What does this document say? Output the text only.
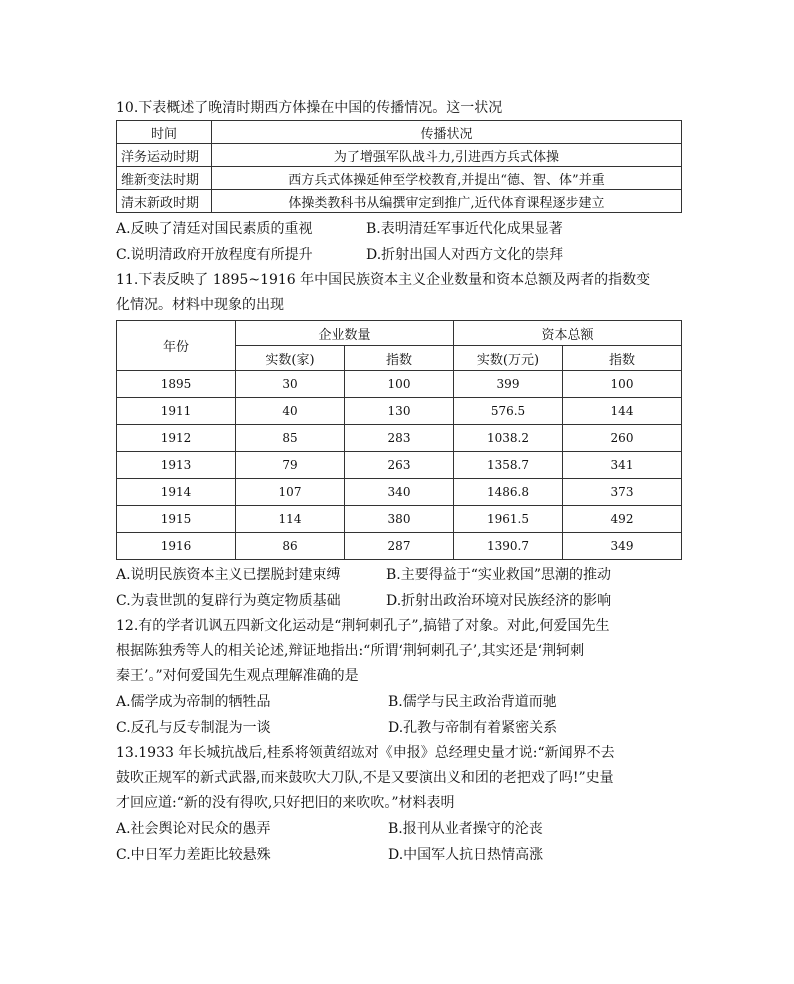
10.下表概述了晚清时期西方体操在中国的传播情况。这一状况

时间	传播状况
洋务运动时期	为了增强军队战斗力,引进西方兵式体操
维新变法时期	西方兵式体操延伸至学校教育,并提出“德、智、体”并重
清末新政时期	体操类教科书从编撰审定到推广,近代体育课程逐步建立
A.反映了清廷对国民素质的重视	B.表明清廷军事近代化成果显著
C.说明清政府开放程度有所提升	D.折射出国人对西方文化的崇拜

11.下表反映了 1895~1916 年中国民族资本主义企业数量和资本总额及两者的指数变

化情况。材料中现象的出现

年份	企业数量		资本总额	
	实数(家)	指数	实数(万元)	指数
1895	30	100	399	100
1911	40	130	576.5	144
1912	85	283	1038.2	260
1913	79	263	1358.7	341
1914	107	340	1486.8	373
1915	114	380	1961.5	492
1916	86	287	1390.7	349
A.说明民族资本主义已摆脱封建束缚	B.主要得益于“实业救国”思潮的推动
C.为袁世凯的复辟行为奠定物质基础	D.折射出政治环境对民族经济的影响

12.有的学者讥讽五四新文化运动是“荆轲刺孔子”,搞错了对象。对此,何爱国先生

根据陈独秀等人的相关论述,辩证地指出:“所谓‘荆轲刺孔子’,其实还是‘荆轲刺

秦王’。”对何爱国先生观点理解准确的是

A.儒学成为帝制的牺牲品	B.儒学与民主政治背道而驰
C.反孔与反专制混为一谈	D.孔教与帝制有着紧密关系

13.1933 年长城抗战后,桂系将领黄绍竑对《申报》总经理史量才说:“新闻界不去

鼓吹正规军的新式武器,而来鼓吹大刀队,不是又要演出义和团的老把戏了吗!”史量

才回应道:“新的没有得吹,只好把旧的来吹吹。”材料表明

A.社会舆论对民众的愚弄	B.报刊从业者操守的沦丧
C.中日军力差距比较悬殊	D.中国军人抗日热情高涨
